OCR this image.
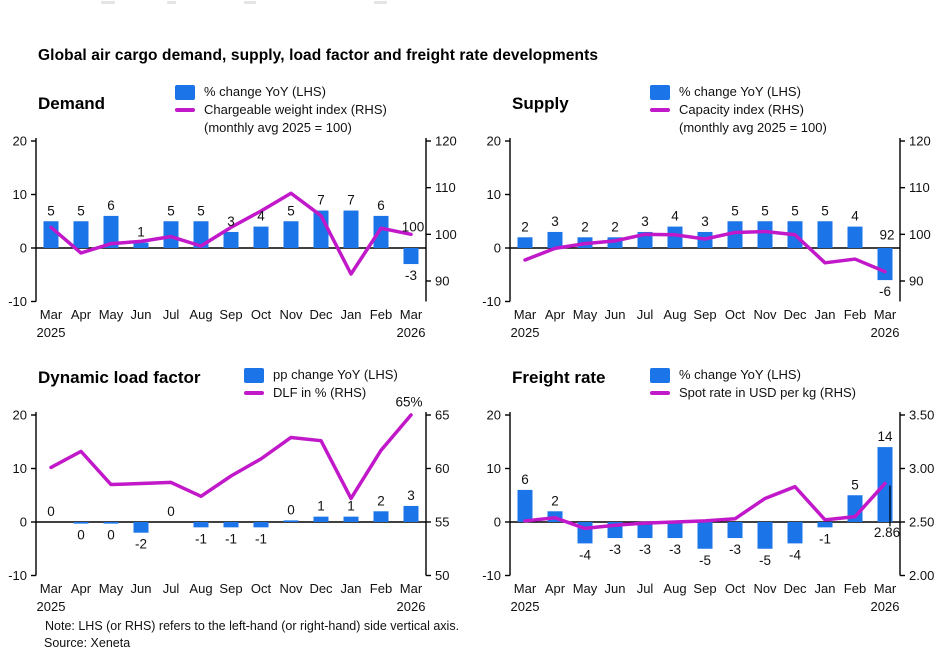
Global air cargo demand, supply, load factor and freight rate developments
Demand
% change YoY (LHS)
Chargeable weight index (RHS)
(monthly avg 2025 = 100)
20
10
0
-10
120
110
100
90
5 5 6
1
5 5
3 4 5
7 7 6
-3
100
Mar Apr May Jun Jul Aug Sep Oct Nov Dec Jan Feb Mar
2025	2026
Supply
% change YoY (LHS)
Capacity index (RHS)
(monthly avg 2025 = 100)
20
10
0
-10
120
110
100
90
2 3 2 2 3 4 3
5 5 5 5 4
-6
92
Mar Apr May Jun Jul Aug Sep Oct Nov Dec Jan Feb Mar
2025	2026
Dynamic load factor	pp change YoY (LHS)
DLF in % (RHS)
20
10
0
-10
65
60
55
50
0
0 0
-2
0
-1 -1 -1
0 1 1 2 3
65%
Mar Apr May Jun Jul Aug Sep Oct Nov Dec Jan Feb Mar
2025	2026
Freight rate	% change YoY (LHS)
Spot rate in USD per kg (RHS)
20
10
0
-10
3.50
3.00
2.50
2.00
6
2
-4 -3 -3 -3
-5
-3
-5 -4
-1
5
14
2.86
Mar Apr May Jun Jul Aug Sep Oct Nov Dec Jan Feb Mar
2025	2026
Note: LHS (or RHS) refers to the left-hand (or right-hand) side vertical axis.
Source: Xeneta
